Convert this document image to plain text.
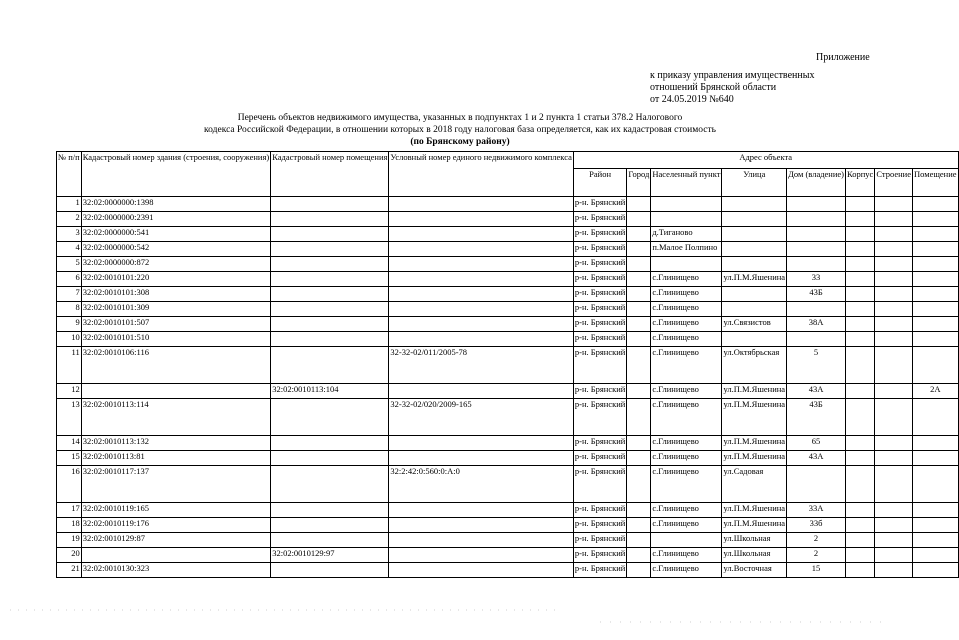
Приложение
к приказу управления имущественных
отношений Брянской области
от 24.05.2019 №640
Перечень объектов недвижимого имущества, указанных в подпунктах 1 и 2 пункта 1 статьи 378.2 Налогового
кодекса Российской Федерации, в отношении которых в 2018 году налоговая база определяется, как их кадастровая стоимость
(по Брянскому району)
№ п/п	Кадастровый номер здания (строения, сооружения)	Кадастровый номер помещения	Условный номер единого недвижимого комплекса	Адрес объекта							
				Район	Город	Населенный пункт	Улица	Дом (владение)	Корпус	Строение	Помещение
1	32:02:0000000:1398			р-н. Брянский							
2	32:02:0000000:2391			р-н. Брянский							
3	32:02:0000000:541			р-н. Брянский		д.Тиганово					
4	32:02:0000000:542			р-н. Брянский		п.Малое Полпино					
5	32:02:0000000:872			р-н. Брянский							
6	32:02:0010101:220			р-н. Брянский		с.Глинищево	ул.П.М.Яшенина	33			
7	32:02:0010101:308			р-н. Брянский		с.Глинищево		43Б			
8	32:02:0010101:309			р-н. Брянский		с.Глинищево					
9	32:02:0010101:507			р-н. Брянский		с.Глинищево	ул.Связистов	38А			
10	32:02:0010101:510			р-н. Брянский		с.Глинищево					
11	32:02:0010106:116		32-32-02/011/2005-78	р-н. Брянский		с.Глинищево	ул.Октябрьская	5			
12		32:02:0010113:104		р-н. Брянский		с.Глинищево	ул.П.М.Яшенина	43А			2А
13	32:02:0010113:114		32-32-02/020/2009-165	р-н. Брянский		с.Глинищево	ул.П.М.Яшенина	43Б			
14	32:02:0010113:132			р-н. Брянский		с.Глинищево	ул.П.М.Яшенина	65			
15	32:02:0010113:81			р-н. Брянский		с.Глинищево	ул.П.М.Яшенина	43А			
16	32:02:0010117:137		32:2:42:0:560:0:А:0	р-н. Брянский		с.Глинищево	ул.Садовая				
17	32:02:0010119:165			р-н. Брянский		с.Глинищево	ул.П.М.Яшенина	33А			
18	32:02:0010119:176			р-н. Брянский		с.Глинищево	ул.П.М.Яшенина	33б			
19	32:02:0010129:87			р-н. Брянский			ул.Школьная	2			
20		32:02:0010129:97		р-н. Брянский		с.Глинищево	ул.Школьная	2			
21	32:02:0010130:323			р-н. Брянский		с.Глинищево	ул.Восточная	15			
